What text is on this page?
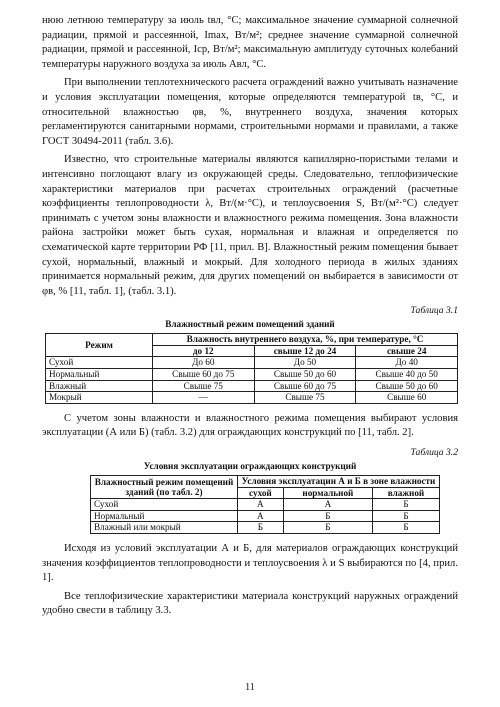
нюю летнюю температуру за июль tвл, °С; максимальное значение суммарной солнечной радиации, прямой и рассеянной, Imax, Вт/м²; среднее значение суммарной солнечной радиации, прямой и рассеянной, Iср, Вт/м²; максимальную амплитуду суточных колебаний температуры наружного воздуха за июль Aвл, °С.

При выполнении теплотехнического расчета ограждений важно учитывать назначение и условия эксплуатации помещения, которые определяются температурой tв, °С, и относительной влажностью φв, %, внутреннего воздуха, значения которых регламентируются санитарными нормами, строительными нормами и правилами, а также ГОСТ 30494-2011 (табл. 3.6).

Известно, что строительные материалы являются капиллярно-пористыми телами и интенсивно поглощают влагу из окружающей среды. Следовательно, теплофизические характеристики материалов при расчетах строительных ограждений (расчетные коэффициенты теплопроводности λ, Вт/(м·°С), и теплоусвоения S, Вт/(м²·°С) следует принимать с учетом зоны влажности и влажностного режима помещения. Зона влажности района застройки может быть сухая, нормальная и влажная и определяется по схематической карте территории РФ [11, прил. В]. Влажностный режим помещения бывает сухой, нормальный, влажный и мокрый. Для холодного периода в жилых зданиях принимается нормальный режим, для других помещений он выбирается в зависимости от φв, % [11, табл. 1], (табл. 3.1).

Таблица 3.1

Влажностный режим помещений зданий

Режим	Влажность внутреннего воздуха, %, при температуре, °С		
	до 12	свыше 12 до 24	свыше 24
Сухой	До 60	До 50	До 40
Нормальный	Свыше 60 до 75	Свыше 50 до 60	Свыше 40 до 50
Влажный	Свыше 75	Свыше 60 до 75	Свыше 50 до 60
Мокрый	—	Свыше 75	Свыше 60

С учетом зоны влажности и влажностного режима помещения выбирают условия эксплуатации (А или Б) (табл. 3.2) для ограждающих конструкций по [11, табл. 2].

Таблица 3.2

Условия эксплуатации ограждающих конструкций

Влажностный режим помещений зданий (по табл. 2)	Условия эксплуатации А и Б в зоне влажности		
	сухой	нормальной	влажной
Сухой	А	А	Б
Нормальный	А	Б	Б
Влажный или мокрый	Б	Б	Б

Исходя из условий эксплуатации А и Б, для материалов ограждающих конструкций значения коэффициентов теплопроводности и теплоусвоения λ и S выбираются по [4, прил. 1].

Все теплофизические характеристики материала конструкций наружных ограждений удобно свести в таблицу 3.3.

11
